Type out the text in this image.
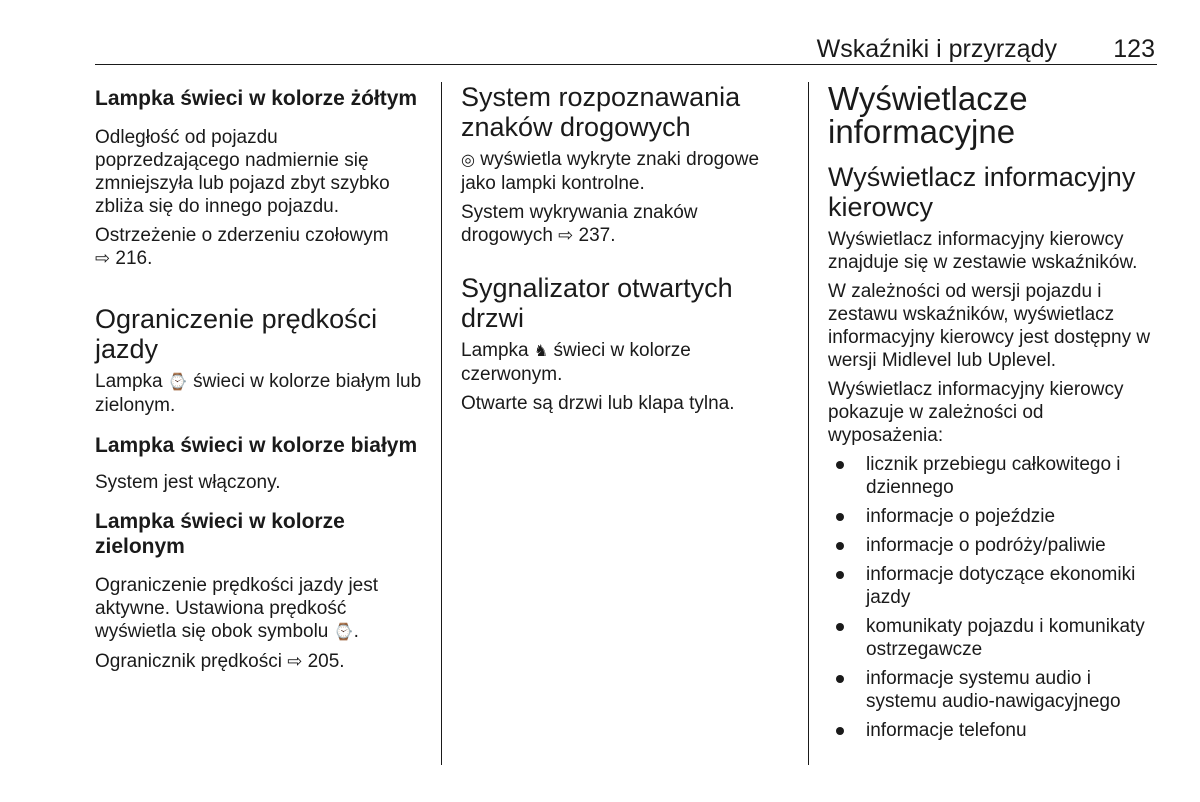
Wskaźniki i przyrządy 123
Lampka świeci w kolorze żółtym

Odległość od pojazdu poprzedzającego nadmiernie się zmniejszyła lub pojazd zbyt szybko zbliża się do innego pojazdu.

Ostrzeżenie o zderzeniu czołowym
⇨ 216.

Ograniczenie prędkości jazdy

Lampka ⌚ świeci w kolorze białym lub zielonym.

Lampka świeci w kolorze białym

System jest włączony.

Lampka świeci w kolorze zielonym

Ograniczenie prędkości jazdy jest aktywne. Ustawiona prędkość wyświetla się obok symbolu ⌚.

Ogranicznik prędkości ⇨ 205.

System rozpoznawania znaków drogowych

◎ wyświetla wykryte znaki drogowe jako lampki kontrolne.

System wykrywania znaków drogowych ⇨ 237.

Sygnalizator otwartych drzwi

Lampka ♞ świeci w kolorze czerwonym.

Otwarte są drzwi lub klapa tylna.

Wyświetlacze informacyjne
Wyświetlacz informacyjny kierowcy

Wyświetlacz informacyjny kierowcy znajduje się w zestawie wskaźników.

W zależności od wersji pojazdu i zestawu wskaźników, wyświetlacz informacyjny kierowcy jest dostępny w wersji Midlevel lub Uplevel.

Wyświetlacz informacyjny kierowcy pokazuje w zależności od wyposażenia:

licznik przebiegu całkowitego i dziennego
informacje o pojeździe
informacje o podróży/paliwie
informacje dotyczące ekonomiki jazdy
komunikaty pojazdu i komunikaty ostrzegawcze
informacje systemu audio i systemu audio-nawigacyjnego
informacje telefonu
